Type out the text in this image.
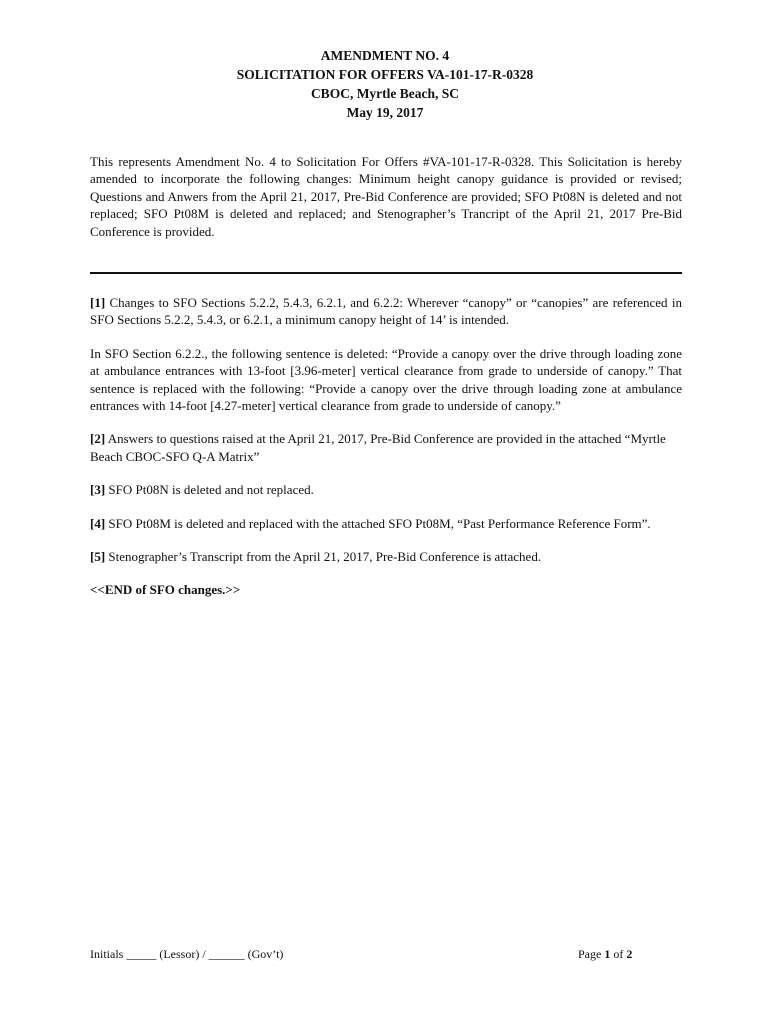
AMENDMENT NO. 4
SOLICITATION FOR OFFERS VA-101-17-R-0328
CBOC, Myrtle Beach, SC
May 19, 2017
This represents Amendment No. 4 to Solicitation For Offers #VA-101-17-R-0328. This Solicitation is hereby amended to incorporate the following changes: Minimum height canopy guidance is provided or revised; Questions and Anwers from the April 21, 2017, Pre-Bid Conference are provided; SFO Pt08N is deleted and not replaced; SFO Pt08M is deleted and replaced; and Stenographer’s Trancript of the April 21, 2017 Pre-Bid Conference is provided.

[1] Changes to SFO Sections 5.2.2, 5.4.3, 6.2.1, and 6.2.2: Wherever “canopy” or “canopies” are referenced in SFO Sections 5.2.2, 5.4.3, or 6.2.1, a minimum canopy height of 14’ is intended.

In SFO Section 6.2.2., the following sentence is deleted: “Provide a canopy over the drive through loading zone at ambulance entrances with 13-foot [3.96-meter] vertical clearance from grade to underside of canopy.” That sentence is replaced with the following: “Provide a canopy over the drive through loading zone at ambulance entrances with 14-foot [4.27-meter] vertical clearance from grade to underside of canopy.”

[2] Answers to questions raised at the April 21, 2017, Pre-Bid Conference are provided in the attached “Myrtle Beach CBOC-SFO Q-A Matrix”

[3] SFO Pt08N is deleted and not replaced.

[4] SFO Pt08M is deleted and replaced with the attached SFO Pt08M, “Past Performance Reference Form”.

[5] Stenographer’s Transcript from the April 21, 2017, Pre-Bid Conference is attached.

<<END of SFO changes.>>

Initials _____ (Lessor) / ______ (Gov’t)	Page 1 of 2
